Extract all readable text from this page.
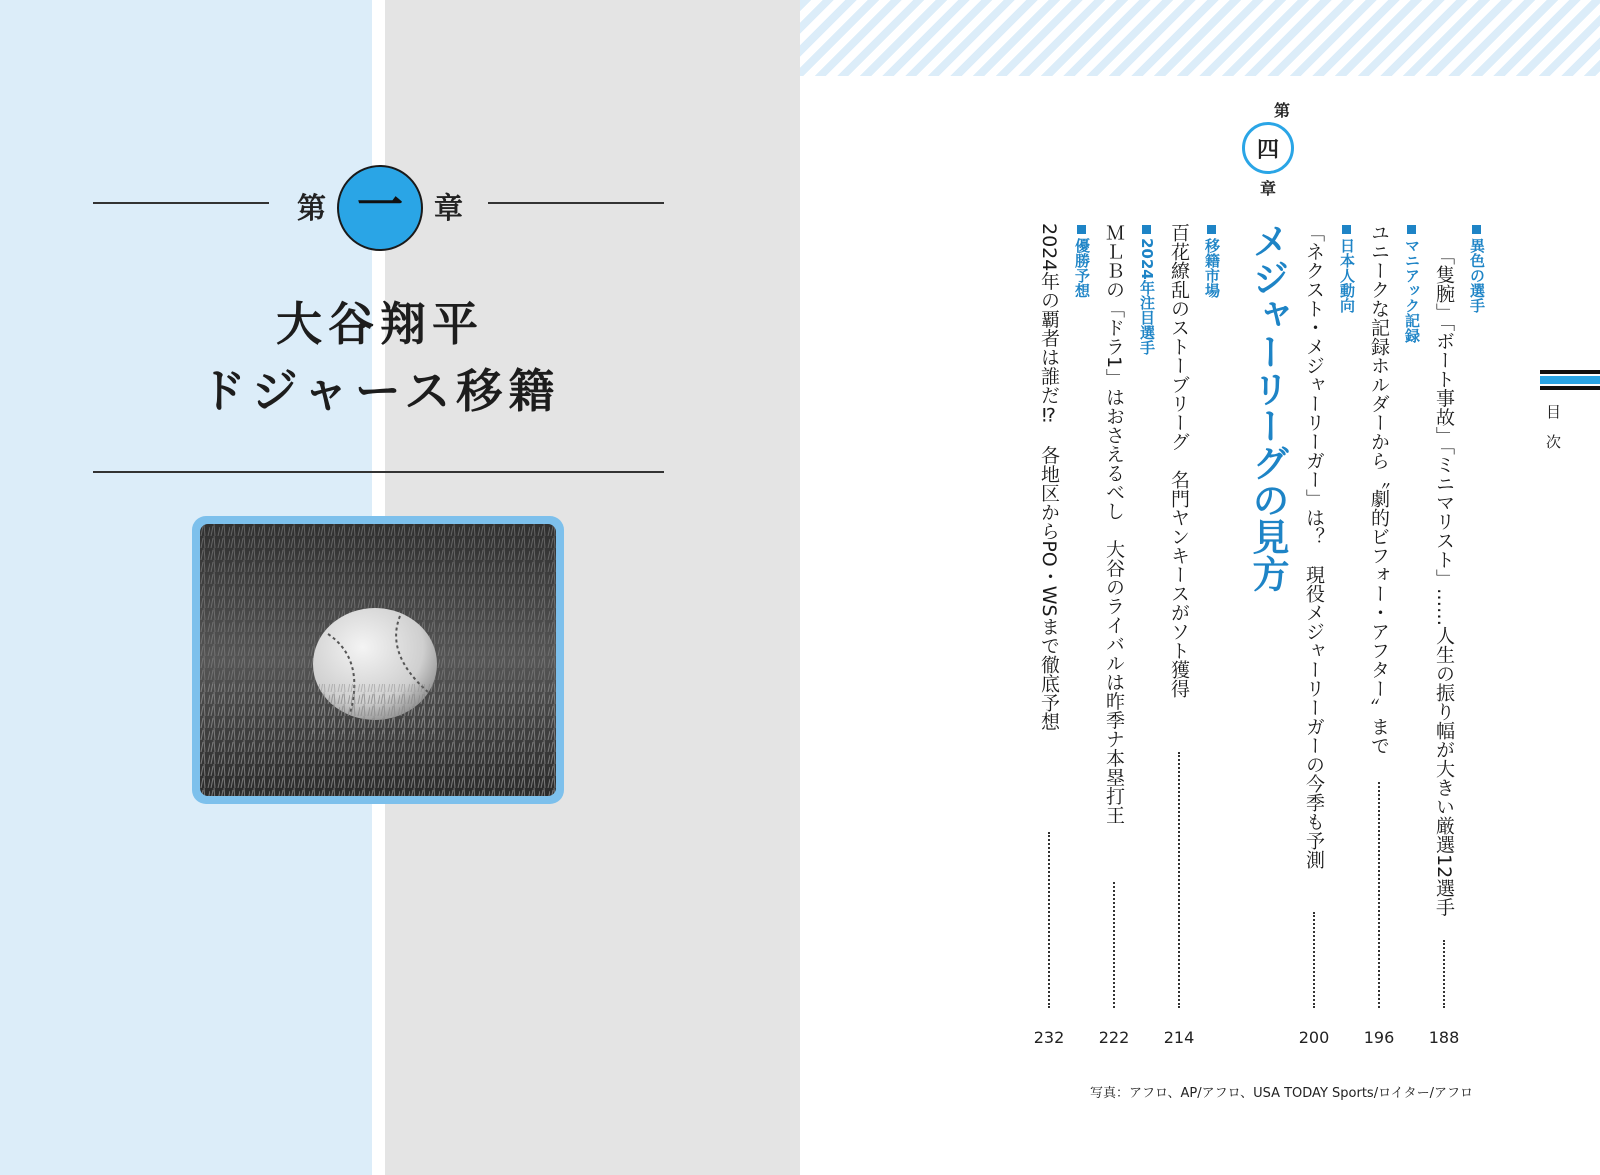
第 一 章
大谷翔平
ドジャース移籍
目　次
第
四
章
メジャーリーグの見方	異色の選手
「隻腕」「ボート事故」「ミニマリスト」……人生の振り幅が大きい厳選12選手
188
マニアック記録
ユニークな記録ホルダーから〝劇的ビフォー・アフター〟まで
196
日本人動向
「ネクスト・メジャーリーガー」は？　現役メジャーリーガーの今季も予測
200
移籍市場
百花繚乱のストーブリーグ　名門ヤンキースがソト獲得
214
2024年注目選手
ＭＬＢの「ドラ1」はおさえるべし　大谷のライバルは昨季ナ本塁打王
222
優勝予想
2024年の覇者は誰だ⁉　各地区からPO・WSまで徹底予想
232
写真：アフロ、AP/アフロ、USA TODAY Sports/ロイター/アフロ
